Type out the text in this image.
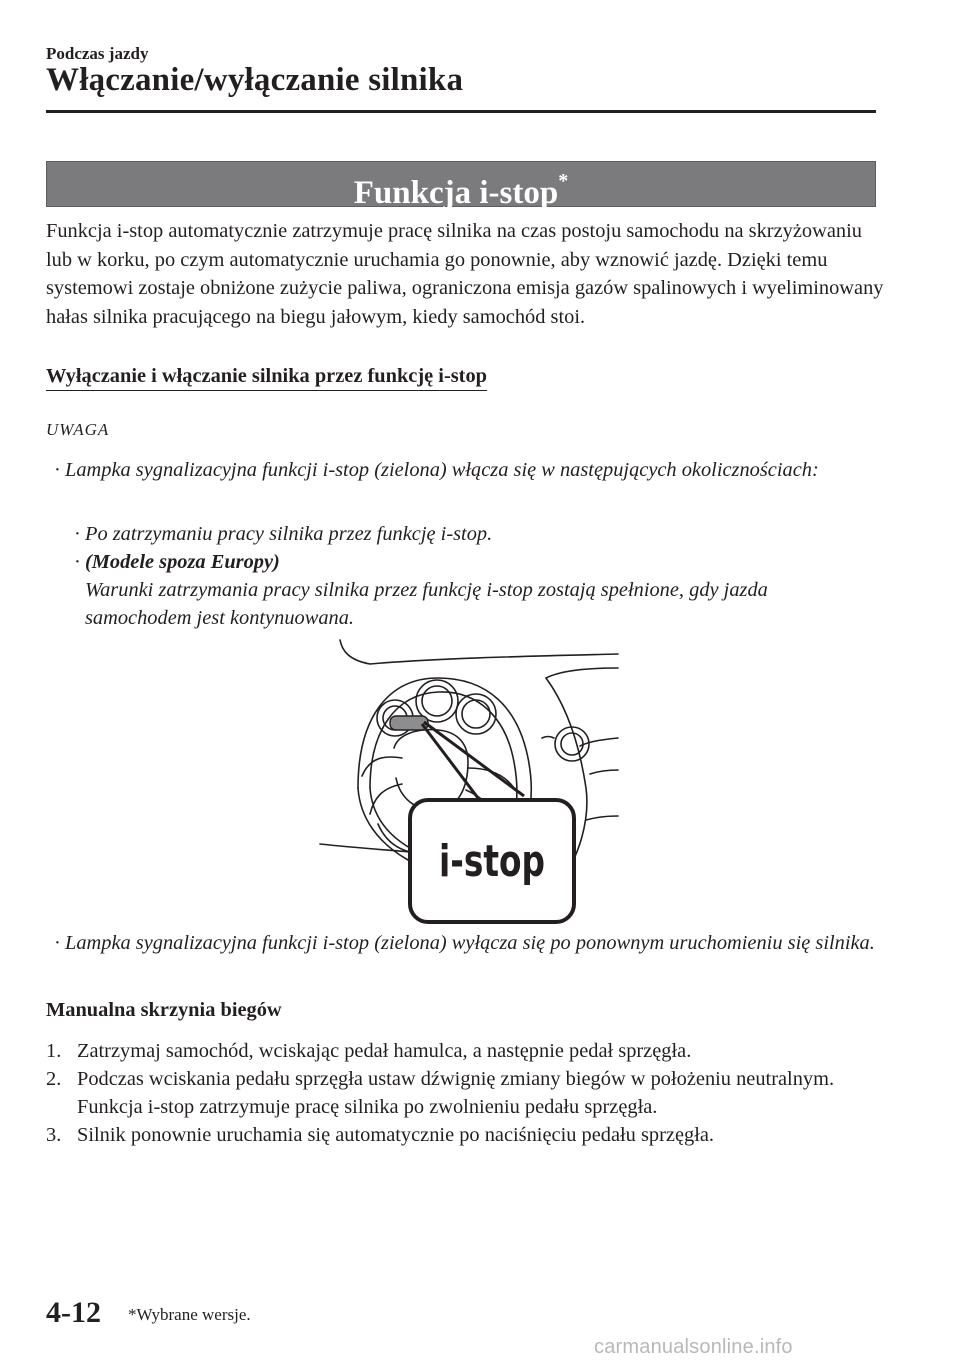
Podczas jazdy
Włączanie/wyłączanie silnika
Funkcja i-stop*
Funkcja i-stop automatycznie zatrzymuje pracę silnika na czas postoju samochodu na skrzyżowaniu lub w korku, po czym automatycznie uruchamia go ponownie, aby wznowić jazdę. Dzięki temu systemowi zostaje obniżone zużycie paliwa, ograniczona emisja gazów spalinowych i wyeliminowany hałas silnika pracującego na biegu jałowym, kiedy samochód stoi.
Wyłączanie i włączanie silnika przez funkcję i-stop
UWAGA
· Lampka sygnalizacyjna funkcji i-stop (zielona) włącza się w następujących okolicznościach:
· Po zatrzymaniu pracy silnika przez funkcję i-stop.
· (Modele spoza Europy)
Warunki zatrzymania pracy silnika przez funkcję i-stop zostają spełnione, gdy jazda samochodem jest kontynuowana.
i-stop
· Lampka sygnalizacyjna funkcji i-stop (zielona) wyłącza się po ponownym uruchomieniu się silnika.
Manualna skrzynia biegów
1. Zatrzymaj samochód, wciskając pedał hamulca, a następnie pedał sprzęgła.
2. Podczas wciskania pedału sprzęgła ustaw dźwignię zmiany biegów w położeniu neutralnym. Funkcja i-stop zatrzymuje pracę silnika po zwolnieniu pedału sprzęgła.
3. Silnik ponownie uruchamia się automatycznie po naciśnięciu pedału sprzęgła.
4-12 *Wybrane wersje.
carmanualsonline.info
